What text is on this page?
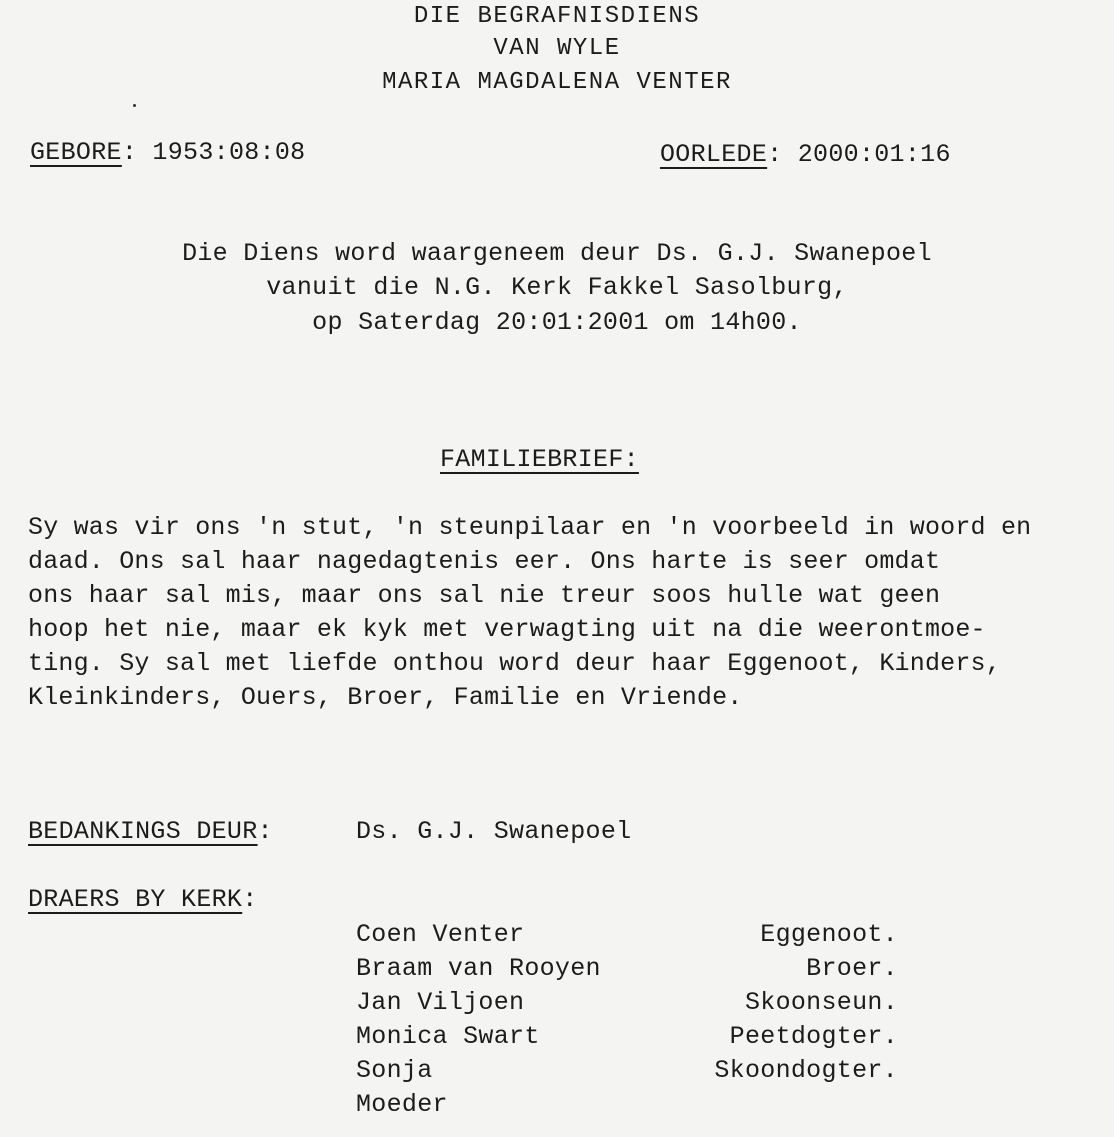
DIE BEGRAFNISDIENS
VAN WYLE
MARIA MAGDALENA VENTER
GEBORE: 1953:08:08	OORLEDE: 2000:01:16
Die Diens word waargeneem deur Ds. G.J. Swanepoel
vanuit die N.G. Kerk Fakkel Sasolburg,
op Saterdag 20:01:2001 om 14h00.
FAMILIEBRIEF:
Sy was vir ons 'n stut, 'n steunpilaar en 'n voorbeeld in woord en
daad. Ons sal haar nagedagtenis eer. Ons harte is seer omdat
ons haar sal mis, maar ons sal nie treur soos hulle wat geen
hoop het nie, maar ek kyk met verwagting uit na die weerontmoe-
ting. Sy sal met liefde onthou word deur haar Eggenoot, Kinders,
Kleinkinders, Ouers, Broer, Familie en Vriende.
BEDANKINGS DEUR:	Ds. G.J. Swanepoel
DRAERS BY KERK:
Coen Venter	Eggenoot.
Braam van Rooyen	Broer.
Jan Viljoen	Skoonseun.
Monica Swart	Peetdogter.
Sonja	Skoondogter.
Moeder
